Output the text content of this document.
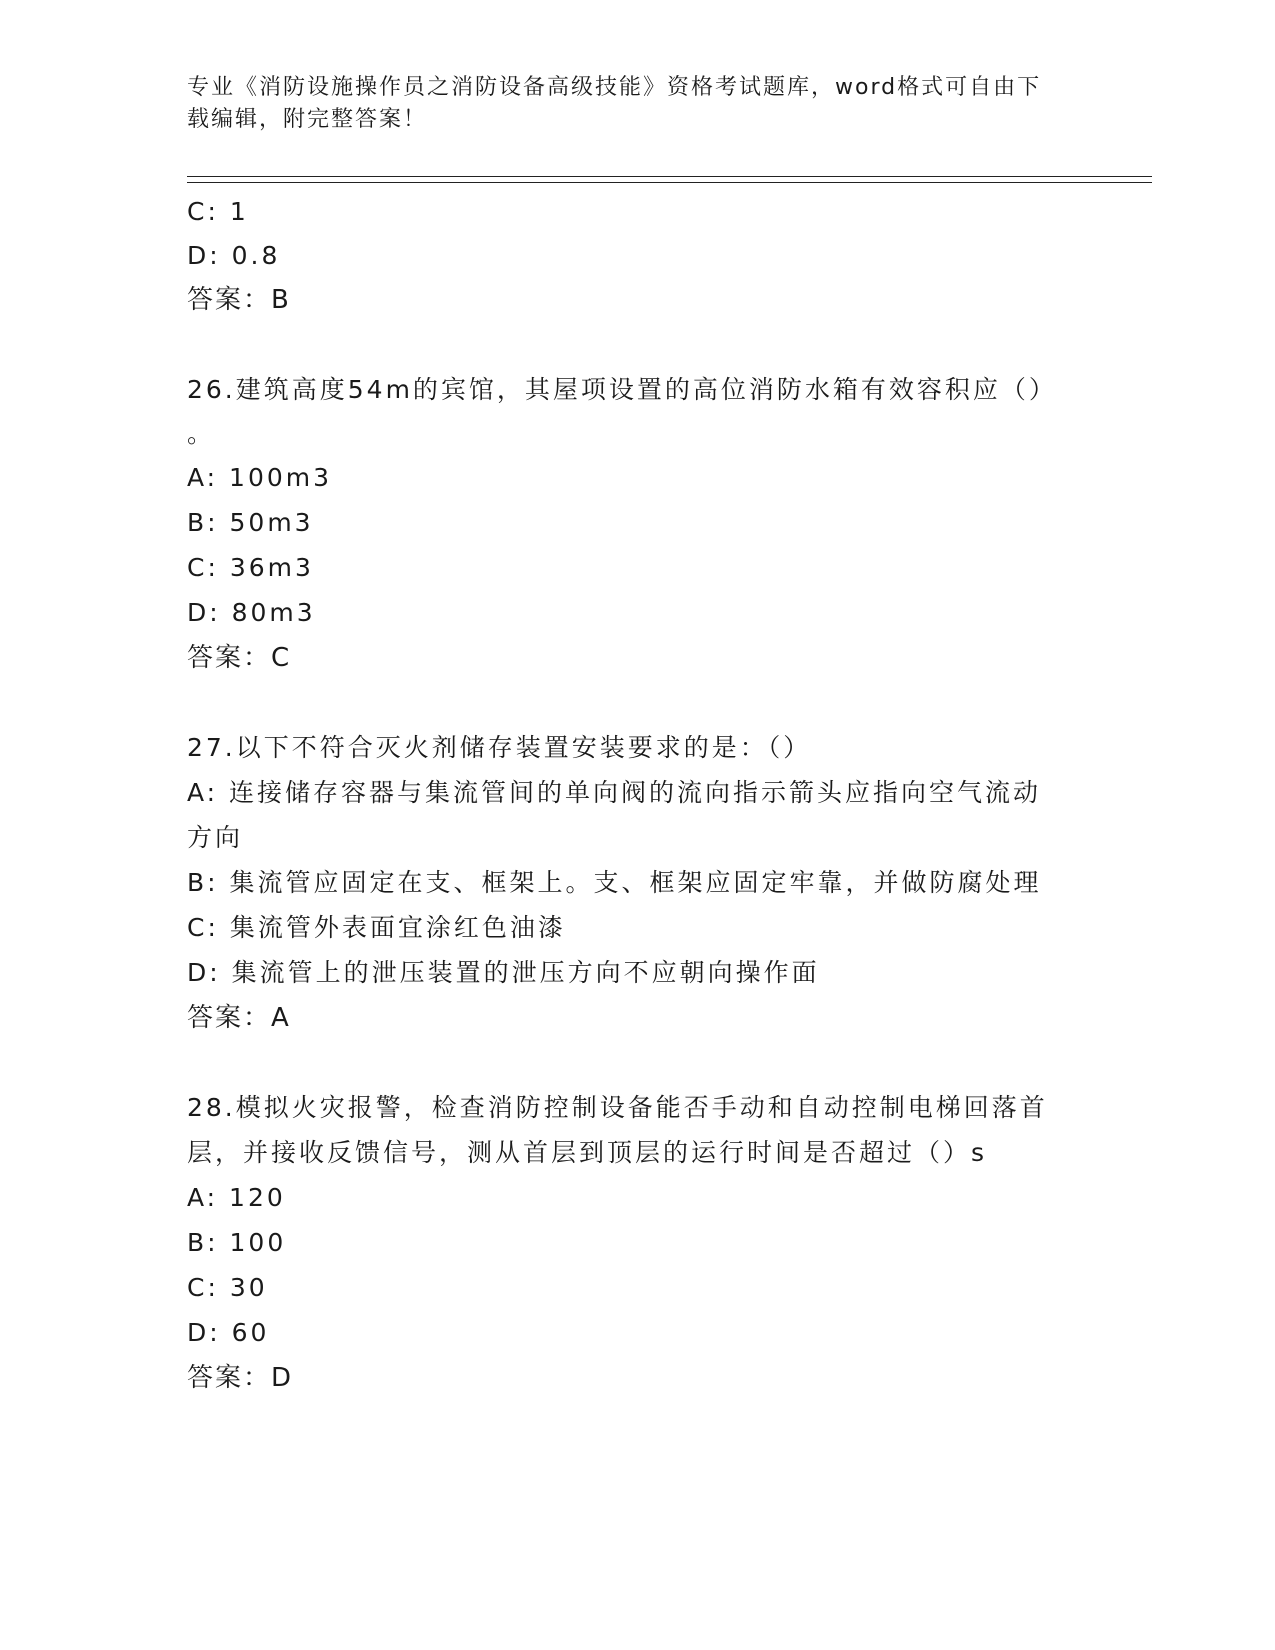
专业《消防设施操作员之消防设备高级技能》资格考试题库，word格式可自由下
载编辑，附完整答案！
C: 1
D: 0.8
答案：B
26.建筑高度54m的宾馆，其屋项设置的高位消防水箱有效容积应（）
。
A: 100m3
B: 50m3
C: 36m3
D: 80m3
答案：C
27.以下不符合灭火剂储存装置安装要求的是：（）
A: 连接储存容器与集流管间的单向阀的流向指示箭头应指向空气流动
方向
B: 集流管应固定在支、框架上。支、框架应固定牢靠，并做防腐处理
C: 集流管外表面宜涂红色油漆
D: 集流管上的泄压装置的泄压方向不应朝向操作面
答案：A
28.模拟火灾报警，检查消防控制设备能否手动和自动控制电梯回落首
层，并接收反馈信号，测从首层到顶层的运行时间是否超过（）s
A: 120
B: 100
C: 30
D: 60
答案：D
